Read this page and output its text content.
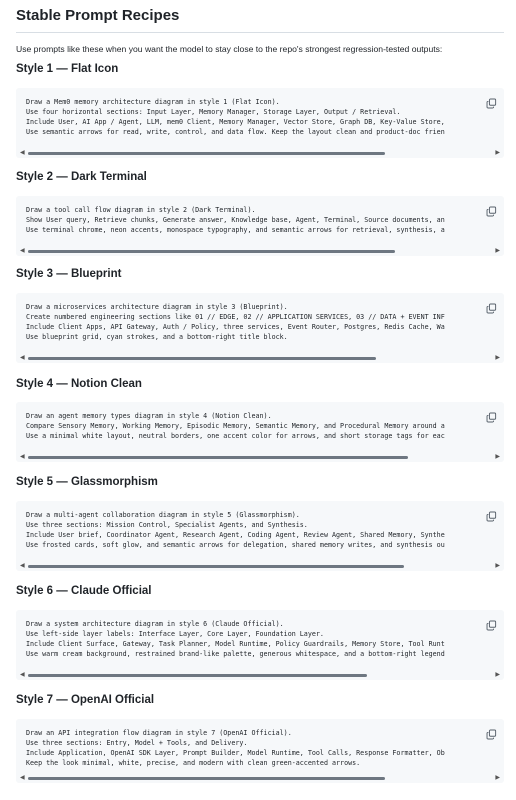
Stable Prompt Recipes
Use prompts like these when you want the model to stay close to the repo's strongest regression-tested outputs:
Style 1 — Flat Icon
Draw a Mem0 memory architecture diagram in style 1 (Flat Icon).
Use four horizontal sections: Input Layer, Memory Manager, Storage Layer, Output / Retrieval.
Include User, AI App / Agent, LLM, mem0 Client, Memory Manager, Vector Store, Graph DB, Key-Value Store,
Use semantic arrows for read, write, control, and data flow. Keep the layout clean and product-doc frien
◀	▶
Style 2 — Dark Terminal
Draw a tool call flow diagram in style 2 (Dark Terminal).
Show User query, Retrieve chunks, Generate answer, Knowledge base, Agent, Terminal, Source documents, an
Use terminal chrome, neon accents, monospace typography, and semantic arrows for retrieval, synthesis, a
◀	▶
Style 3 — Blueprint
Draw a microservices architecture diagram in style 3 (Blueprint).
Create numbered engineering sections like 01 // EDGE, 02 // APPLICATION SERVICES, 03 // DATA + EVENT INF
Include Client Apps, API Gateway, Auth / Policy, three services, Event Router, Postgres, Redis Cache, Wa
Use blueprint grid, cyan strokes, and a bottom-right title block.
◀	▶
Style 4 — Notion Clean
Draw an agent memory types diagram in style 4 (Notion Clean).
Compare Sensory Memory, Working Memory, Episodic Memory, Semantic Memory, and Procedural Memory around a
Use a minimal white layout, neutral borders, one accent color for arrows, and short storage tags for eac
◀	▶
Style 5 — Glassmorphism
Draw a multi-agent collaboration diagram in style 5 (Glassmorphism).
Use three sections: Mission Control, Specialist Agents, and Synthesis.
Include User brief, Coordinator Agent, Research Agent, Coding Agent, Review Agent, Shared Memory, Synthe
Use frosted cards, soft glow, and semantic arrows for delegation, shared memory writes, and synthesis ou
◀	▶
Style 6 — Claude Official
Draw a system architecture diagram in style 6 (Claude Official).
Use left-side layer labels: Interface Layer, Core Layer, Foundation Layer.
Include Client Surface, Gateway, Task Planner, Model Runtime, Policy Guardrails, Memory Store, Tool Runt
Use warm cream background, restrained brand-like palette, generous whitespace, and a bottom-right legend
◀	▶
Style 7 — OpenAI Official
Draw an API integration flow diagram in style 7 (OpenAI Official).
Use three sections: Entry, Model + Tools, and Delivery.
Include Application, OpenAI SDK Layer, Prompt Builder, Model Runtime, Tool Calls, Response Formatter, Ob
Keep the look minimal, white, precise, and modern with clean green-accented arrows.
◀	▶
